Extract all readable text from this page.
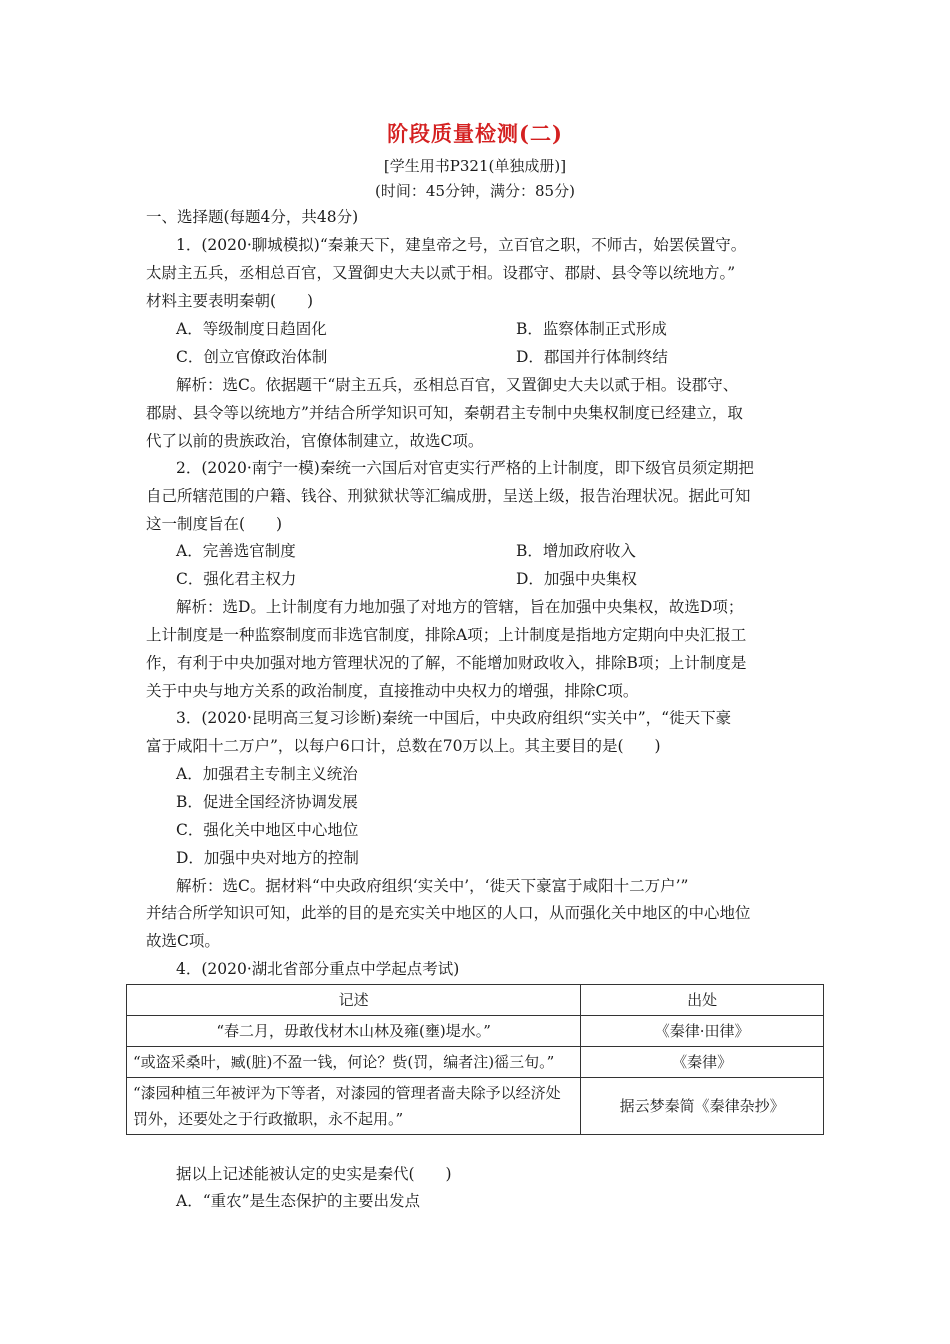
阶段质量检测(二)
[学生用书P321(单独成册)]
(时间：45分钟，满分：85分)
一、选择题(每题4分，共48分)
1．(2020·聊城模拟)“秦兼天下，建皇帝之号，立百官之职，不师古，始罢侯置守。
太尉主五兵，丞相总百官，又置御史大夫以贰于相。设郡守、郡尉、县令等以统地方。”
材料主要表明秦朝(　　)
A．等级制度日趋固化	B．监察体制正式形成
C．创立官僚政治体制	D．郡国并行体制终结
解析：选C。依据题干“尉主五兵，丞相总百官，又置御史大夫以贰于相。设郡守、
郡尉、县令等以统地方”并结合所学知识可知，秦朝君主专制中央集权制度已经建立，取
代了以前的贵族政治，官僚体制建立，故选C项。
2．(2020·南宁一模)秦统一六国后对官吏实行严格的上计制度，即下级官员须定期把
自己所辖范围的户籍、钱谷、刑狱狱状等汇编成册，呈送上级，报告治理状况。据此可知
这一制度旨在(　　)
A．完善选官制度	B．增加政府收入
C．强化君主权力	D．加强中央集权
解析：选D。上计制度有力地加强了对地方的管辖，旨在加强中央集权，故选D项；
上计制度是一种监察制度而非选官制度，排除A项；上计制度是指地方定期向中央汇报工
作，有利于中央加强对地方管理状况的了解，不能增加财政收入，排除B项；上计制度是
关于中央与地方关系的政治制度，直接推动中央权力的增强，排除C项。
3．(2020·昆明高三复习诊断)秦统一中国后，中央政府组织“实关中”，“徙天下豪
富于咸阳十二万户”，以每户6口计，总数在70万以上。其主要目的是(　　)
A．加强君主专制主义统治
B．促进全国经济协调发展
C．强化关中地区中心地位
D．加强中央对地方的控制
解析：选C。据材料“中央政府组织‘实关中’，‘徙天下豪富于咸阳十二万户’”
并结合所学知识可知，此举的目的是充实关中地区的人口，从而强化关中地区的中心地位
故选C项。
4．(2020·湖北省部分重点中学起点考试)
记述	出处
“春二月，毋敢伐材木山林及雍(壅)堤水。”	《秦律·田律》
“或盗采桑叶，臧(脏)不盈一钱，何论？赀(罚，编者注)徭三旬。”	《秦律》
“漆园种植三年被评为下等者，对漆园的管理者啬夫除予以经济处罚外，还要处之于行政撤职，永不起用。”	据云梦秦简《秦律杂抄》
据以上记述能被认定的史实是秦代(　　)
A．“重农”是生态保护的主要出发点
